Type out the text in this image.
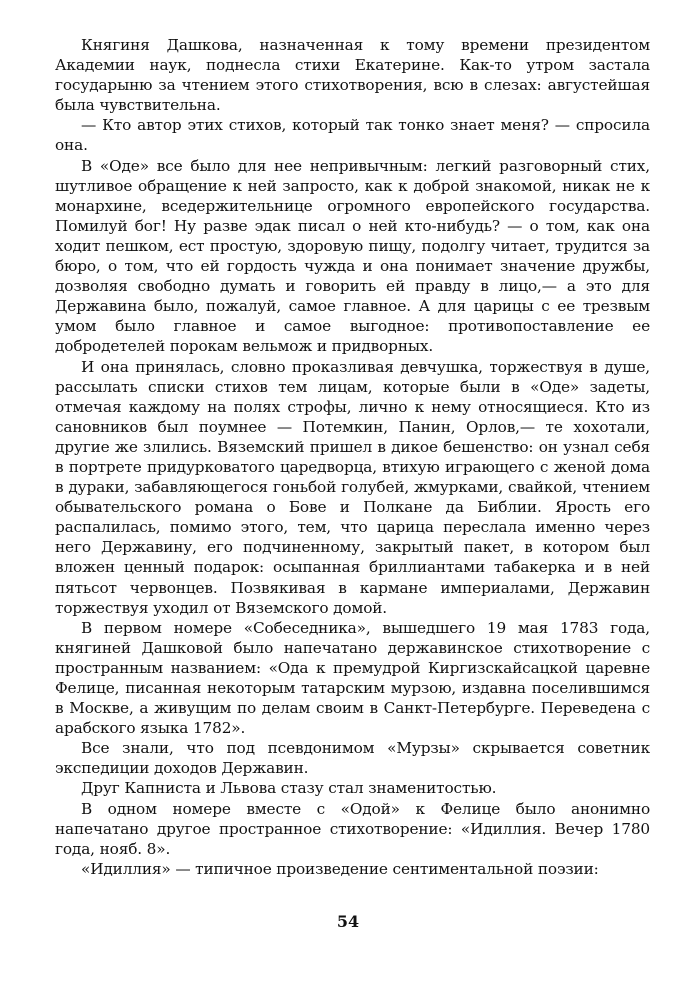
Княгиня Дашкова, назначенная к тому времени президентом Академии наук, поднесла стихи Екатерине. Как-то утром застала государыню за чтением этого стихотворения, всю в слезах: августейшая была чувствительна.

— Кто автор этих стихов, который так тонко знает меня? — спросила она.

В «Оде» все было для нее непривычным: легкий разговорный стих, шутливое обращение к ней запросто, как к доброй знакомой, никак не к монархине, вседержительнице огромного европейского государства. Помилуй бог! Ну разве эдак писал о ней кто-нибудь? — о том, как она ходит пешком, ест простую, здоровую пищу, подолгу читает, трудится за бюро, о том, что ей гордость чужда и она понимает значение дружбы, дозволяя свободно думать и говорить ей правду в лицо,— а это для Державина было, пожалуй, самое главное. А для царицы с ее трезвым умом было главное и самое выгодное: противопоставление ее добродетелей порокам вельмож и придворных.

И она принялась, словно проказливая девчушка, торжествуя в душе, рассылать списки стихов тем лицам, которые были в «Оде» задеты, отмечая каждому на полях строфы, лично к нему относящиеся. Кто из сановников был поумнее — Потемкин, Панин, Орлов,— те хохотали, другие же злились. Вяземский пришел в дикое бешенство: он узнал себя в портрете придурковатого царедворца, втихую играющего с женой дома в дураки, забавляющегося гоньбой голубей, жмурками, свайкой, чтением обывательского романа о Бове и Полкане да Библии. Ярость его распалилась, помимо этого, тем, что царица переслала именно через него Державину, его подчиненному, закрытый пакет, в котором был вложен ценный подарок: осыпанная бриллиантами табакерка и в ней пятьсот червонцев. Позвякивая в кармане империалами, Державин торжествуя уходил от Вяземского домой.

В первом номере «Собеседника», вышедшего 19 мая 1783 года, княгиней Дашковой было напечатано державинское стихотворение с пространным названием: «Ода к премудрой Киргизскайсацкой царевне Фелице, писанная некоторым татарским мурзою, издавна поселившимся в Москве, а живущим по делам своим в Санкт-Петербурге. Переведена с арабского языка 1782».

Все знали, что под псевдонимом «Мурзы» скрывается советник экспедиции доходов Державин.

Друг Капниста и Львова стазу стал знаменитостью.

В одном номере вместе с «Одой» к Фелице было анонимно напечатано другое пространное стихотворение: «Идиллия. Вечер 1780 года, нояб. 8».

«Идиллия» — типичное произведение сентиментальной поэзии:

54
